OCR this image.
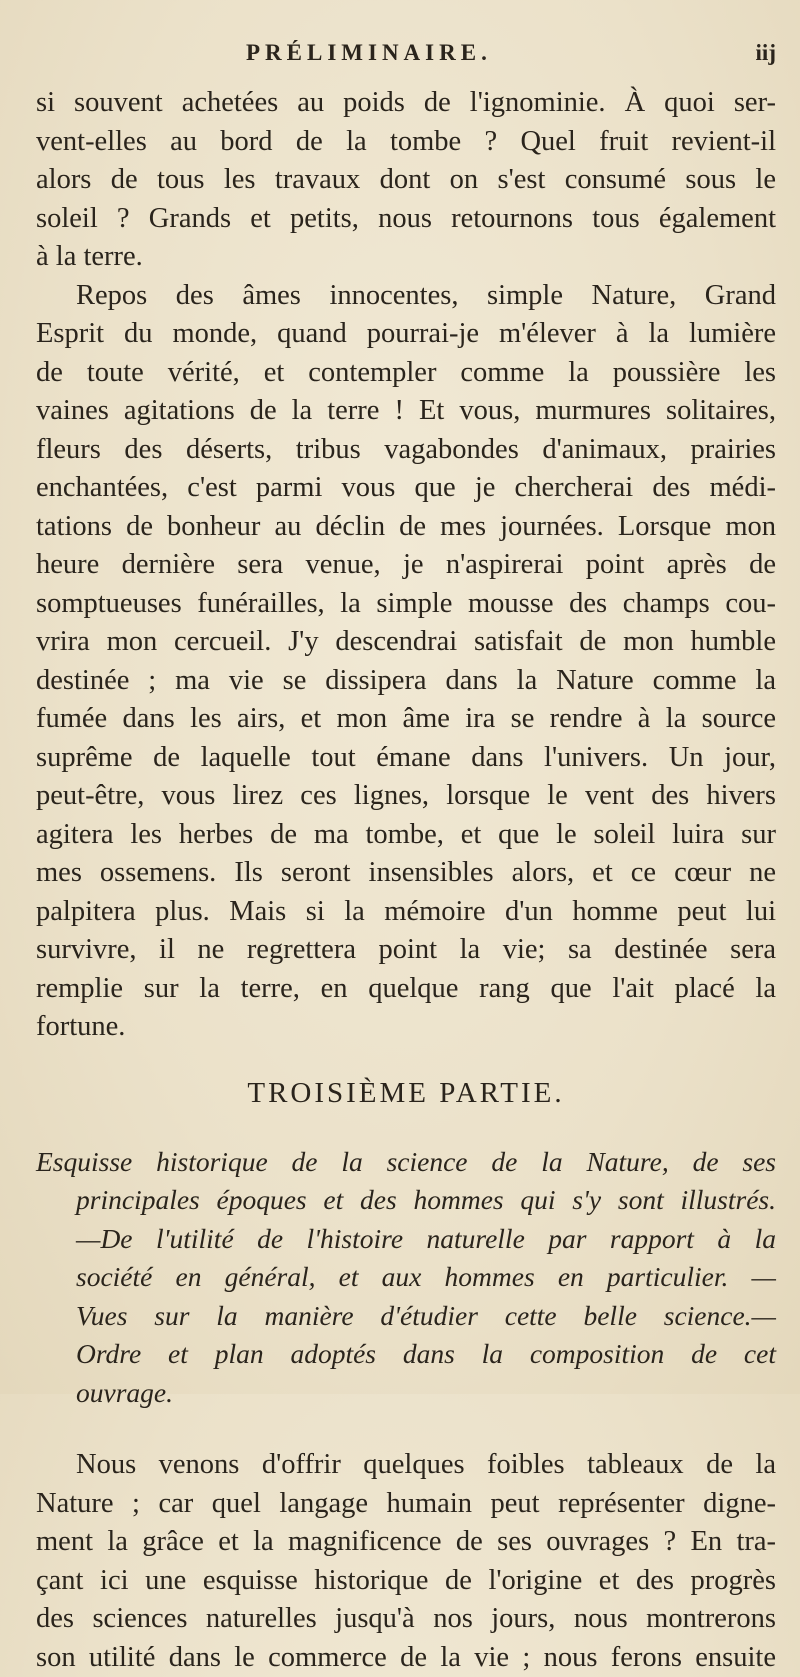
PRÉLIMINAIRE.	iij
si souvent achetées au poids de l'ignominie. À quoi ser-
vent-elles au bord de la tombe ? Quel fruit revient-il
alors de tous les travaux dont on s'est consumé sous le
soleil ? Grands et petits, nous retournons tous également
à la terre.
Repos des âmes innocentes, simple Nature, Grand
Esprit du monde, quand pourrai-je m'élever à la lumière
de toute vérité, et contempler comme la poussière les
vaines agitations de la terre ! Et vous, murmures solitaires,
fleurs des déserts, tribus vagabondes d'animaux, prairies
enchantées, c'est parmi vous que je chercherai des médi-
tations de bonheur au déclin de mes journées. Lorsque mon
heure dernière sera venue, je n'aspirerai point après de
somptueuses funérailles, la simple mousse des champs cou-
vrira mon cercueil. J'y descendrai satisfait de mon humble
destinée ; ma vie se dissipera dans la Nature comme la
fumée dans les airs, et mon âme ira se rendre à la source
suprême de laquelle tout émane dans l'univers. Un jour,
peut-être, vous lirez ces lignes, lorsque le vent des hivers
agitera les herbes de ma tombe, et que le soleil luira sur
mes ossemens. Ils seront insensibles alors, et ce cœur ne
palpitera plus. Mais si la mémoire d'un homme peut lui
survivre, il ne regrettera point la vie; sa destinée sera
remplie sur la terre, en quelque rang que l'ait placé la
fortune.
TROISIÈME PARTIE.
Esquisse historique de la science de la Nature, de ses
principales époques et des hommes qui s'y sont illustrés.
—De l'utilité de l'histoire naturelle par rapport à la
société en général, et aux hommes en particulier. —
Vues sur la manière d'étudier cette belle science.—
Ordre et plan adoptés dans la composition de cet
ouvrage.
Nous venons d'offrir quelques foibles tableaux de la
Nature ; car quel langage humain peut représenter digne-
ment la grâce et la magnificence de ses ouvrages ? En tra-
çant ici une esquisse historique de l'origine et des progrès
des sciences naturelles jusqu'à nos jours, nous montrerons
son utilité dans le commerce de la vie ; nous ferons ensuite
